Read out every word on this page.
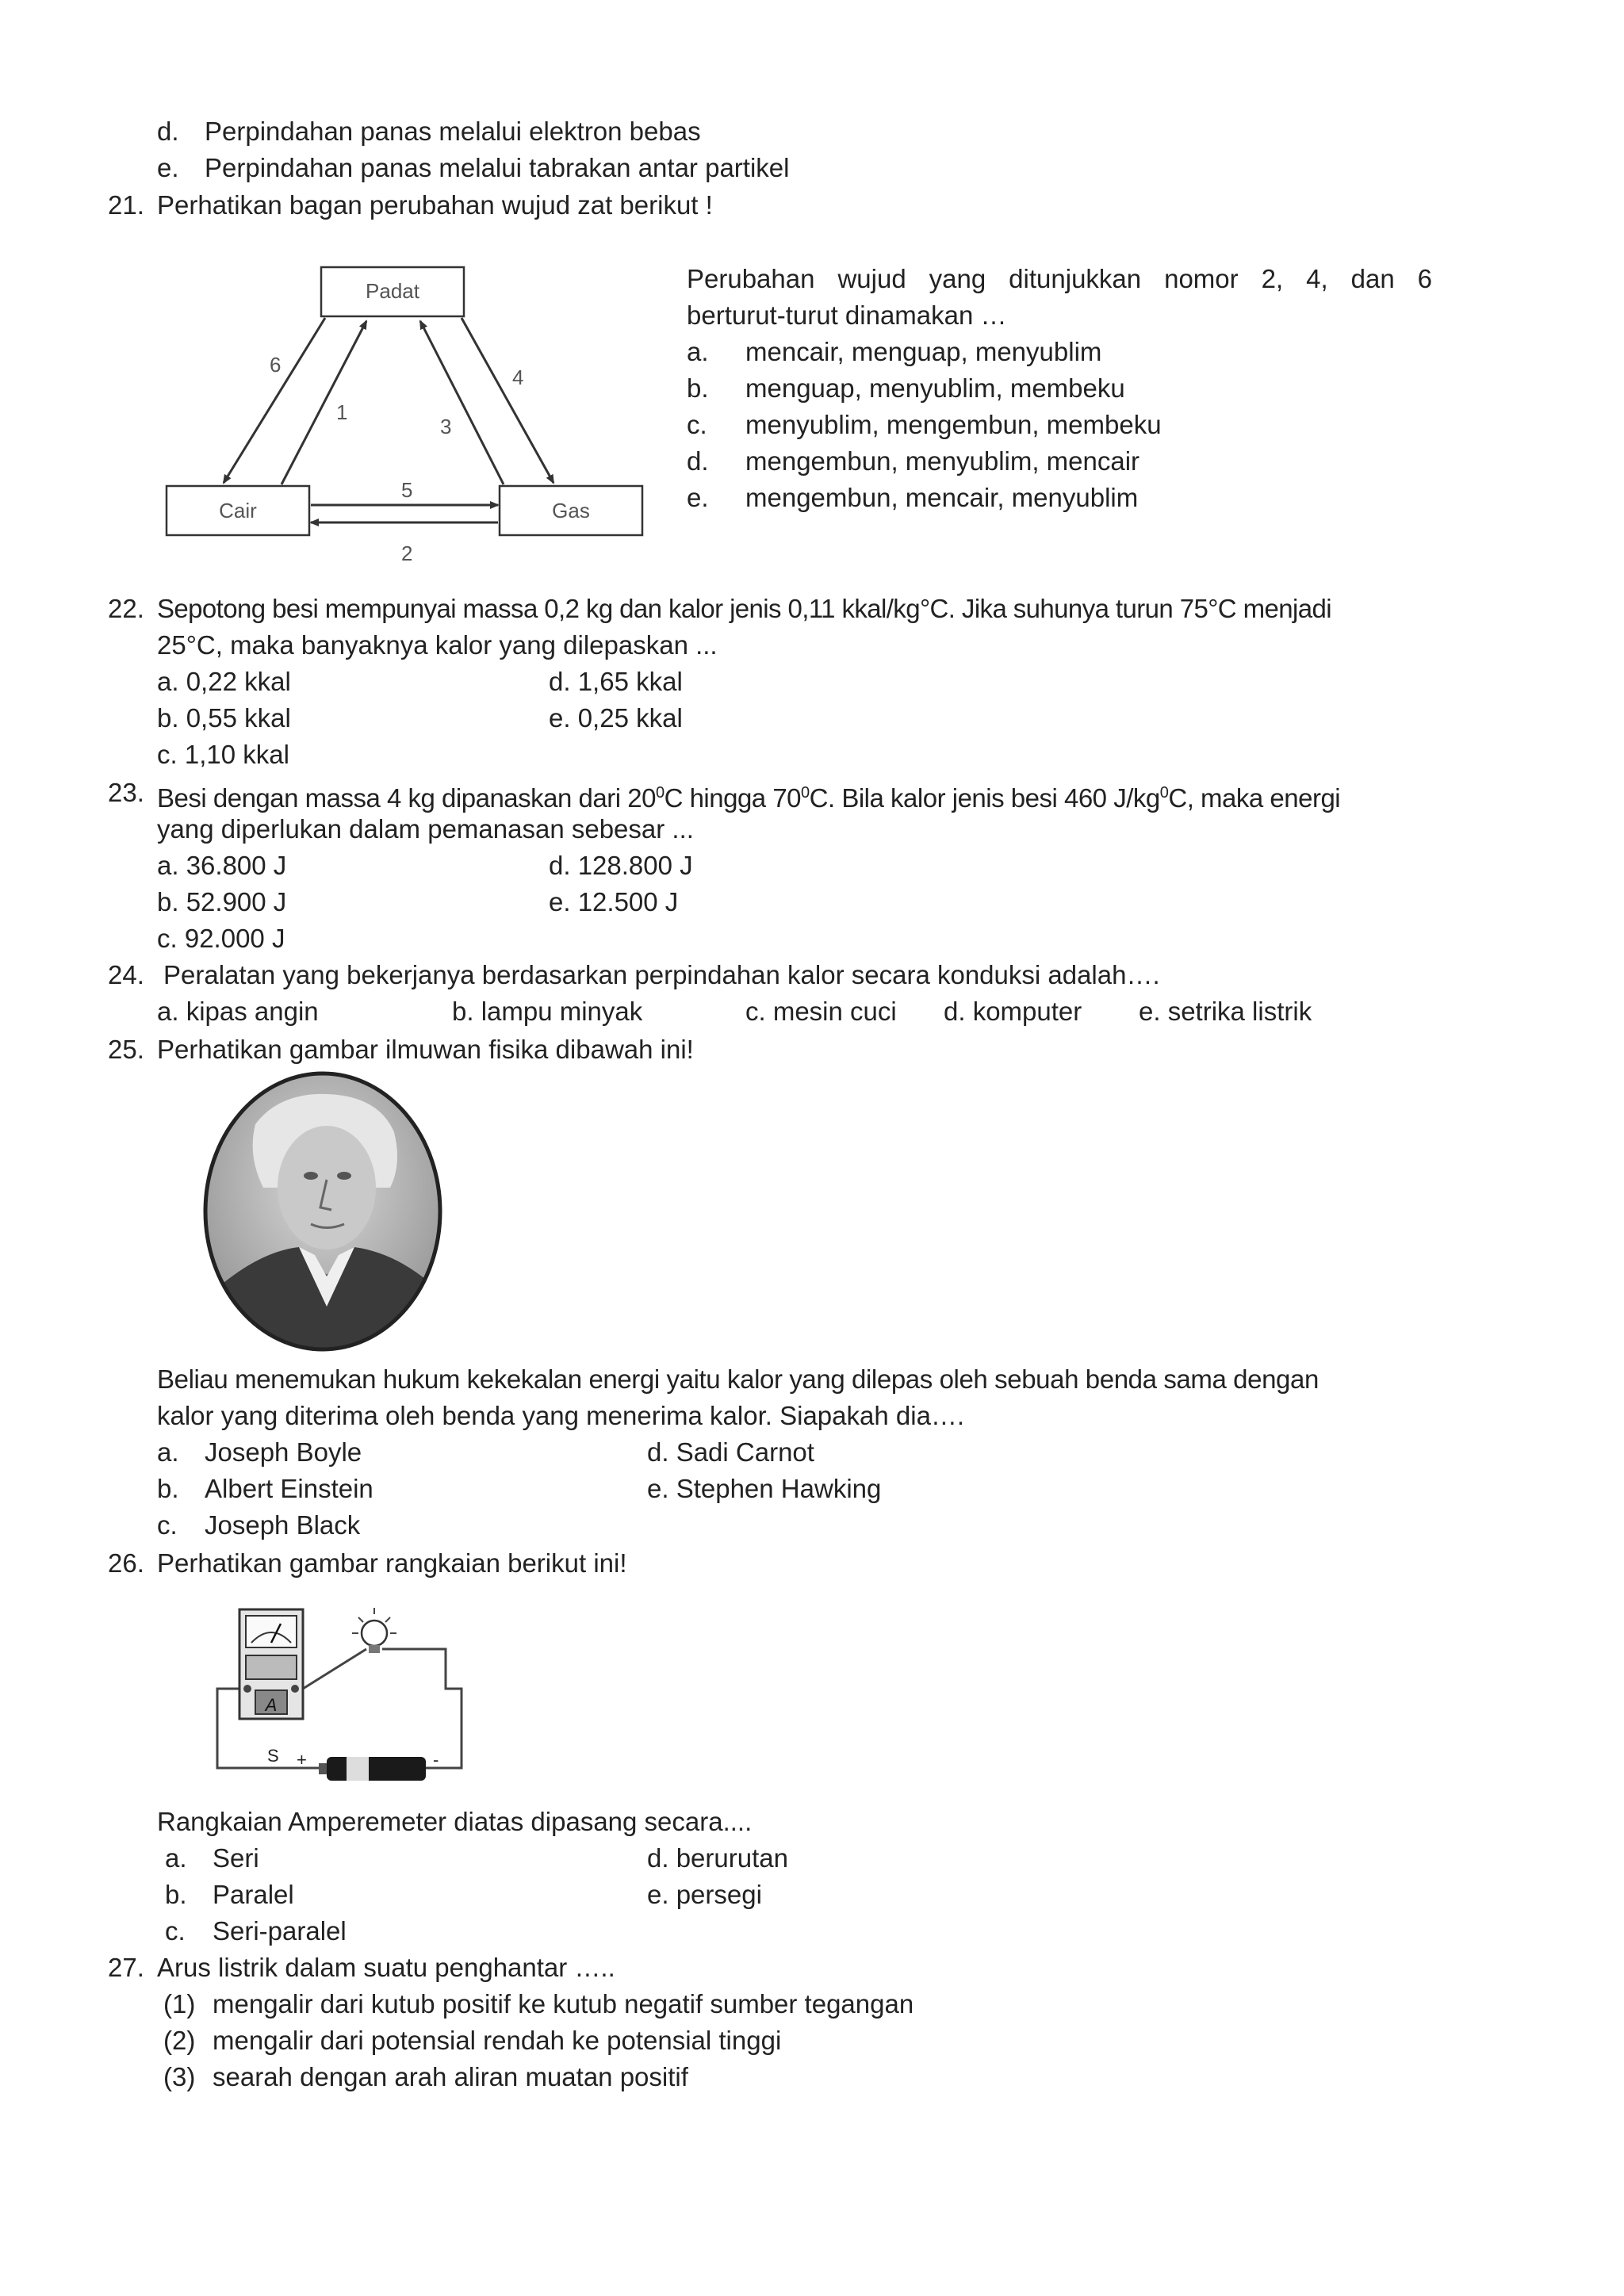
d. Perpindahan panas melalui elektron bebas
e. Perpindahan panas melalui tabrakan antar partikel
21. Perhatikan bagan perubahan wujud zat berikut !
Padat
Cair	Gas
6
1
3
4
5
2
Perubahan wujud yang ditunjukkan nomor 2, 4, dan 6
berturut-turut dinamakan …
a. mencair, menguap, menyublim
b. menguap, menyublim, membeku
c. menyublim, mengembun, membeku
d. mengembun, menyublim, mencair
e. mengembun, mencair, menyublim
22. Sepotong besi mempunyai massa 0,2 kg dan kalor jenis 0,11 kkal/kg°C. Jika suhunya turun 75°C menjadi
25°C, maka banyaknya kalor yang dilepaskan ...
a. 0,22 kkal	d. 1,65 kkal
b. 0,55 kkal	e. 0,25 kkal
c. 1,10 kkal
23. Besi dengan massa 4 kg dipanaskan dari $20^0C$ hingga $70^0C$. Bila kalor jenis besi 460 $J/kg^0C$, maka energi
yang diperlukan dalam pemanasan sebesar ...
a. 36.800 J	d. 128.800 J
b. 52.900 J	e. 12.500 J
c. 92.000 J
24. Peralatan yang bekerjanya berdasarkan perpindahan kalor secara konduksi adalah….
a. kipas angin	b. lampu minyak	c. mesin cuci d. komputer e. setrika listrik
25. Perhatikan gambar ilmuwan fisika dibawah ini!
Beliau menemukan hukum kekekalan energi yaitu kalor yang dilepas oleh sebuah benda sama dengan
kalor yang diterima oleh benda yang menerima kalor. Siapakah dia….
a. Joseph Boyle	d. Sadi Carnot
b. Albert Einstein	e. Stephen Hawking
c. Joseph Black
26. Perhatikan gambar rangkaian berikut ini!
A
S +	-
Rangkaian Amperemeter diatas dipasang secara....
a. Seri	d. berurutan
b. Paralel	e. persegi
c. Seri-paralel
27. Arus listrik dalam suatu penghantar …..
(1) mengalir dari kutub positif ke kutub negatif sumber tegangan
(2) mengalir dari potensial rendah ke potensial tinggi
(3) searah dengan arah aliran muatan positif
